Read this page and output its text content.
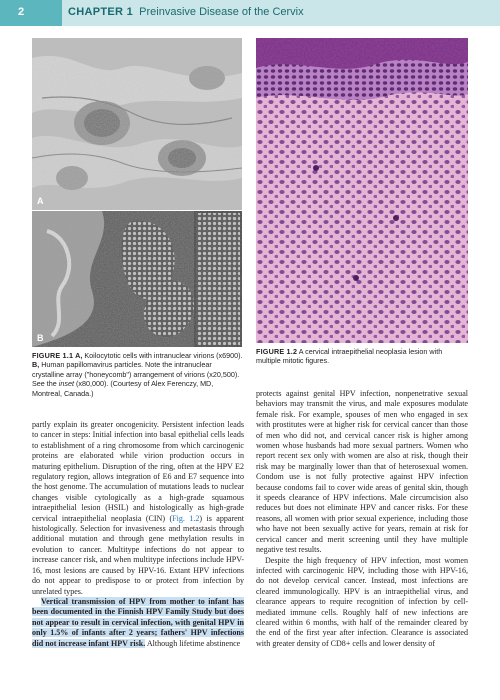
2	CHAPTER 1 Preinvasive Disease of the Cervix
A
B
FIGURE 1.1 A, Koilocytotic cells with intranuclear virions (x6900). B, Human papillomavirus particles. Note the intranuclear crystalline array ("honeycomb") arrangement of virions (x20,500). See the inset (x80,000). (Courtesy of Alex Ferenczy, MD, Montreal, Canada.)
FIGURE 1.2 A cervical intraepithelial neoplasia lesion with multiple mitotic figures.

partly explain its greater oncogenicity. Persistent infection leads to cancer in steps: Initial infection into basal epithelial cells leads to establishment of a ring chromosome from which carcinogenic proteins are elaborated while virion production occurs in maturing epithelium. Disruption of the ring, often at the HPV E2 regulatory region, allows integration of E6 and E7 sequence into the host genome. The accumulation of mutations leads to nuclear changes visible cytologically as a high-grade squamous intraepithelial lesion (HSIL) and histologically as high-grade cervical intraepithelial neoplasia (CIN) (Fig. 1.2) is apparent histologically. Selection for invasiveness and metastasis through additional mutation and through gene methylation results in evolution to cancer. Multitype infections do not appear to increase cancer risk, and when multitype infections include HPV-16, most lesions are caused by HPV-16. Extant HPV infections do not appear to predispose to or protect from infection by unrelated types.

Vertical transmission of HPV from mother to infant has been documented in the Finnish HPV Family Study but does not appear to result in cervical infection, with genital HPV in only 1.5% of infants after 2 years; fathers' HPV infections did not increase infant HPV risk. Although lifetime abstinence

protects against genital HPV infection, nonpenetrative sexual behaviors may transmit the virus, and male exposures modulate female risk. For example, spouses of men who engaged in sex with prostitutes were at higher risk for cervical cancer than those of men who did not, and cervical cancer risk is higher among women whose husbands had more sexual partners. Women who report recent sex only with women are also at risk, though their risk may be marginally lower than that of heterosexual women. Condom use is not fully protective against HPV infection because condoms fail to cover wide areas of genital skin, though it speeds clearance of HPV infections. Male circumcision also reduces but does not eliminate HPV and cancer risks. For these reasons, all women with prior sexual experience, including those who have not been sexually active for years, remain at risk for cervical cancer and merit screening until they have multiple negative test results.

Despite the high frequency of HPV infection, most women infected with carcinogenic HPV, including those with HPV-16, do not develop cervical cancer. Instead, most infections are cleared immunologically. HPV is an intraepithelial virus, and clearance appears to require recognition of infection by cell-mediated immune cells. Roughly half of new infections are cleared within 6 months, with half of the remainder cleared by the end of the first year after infection. Clearance is associated with greater density of CD8+ cells and lower density of
